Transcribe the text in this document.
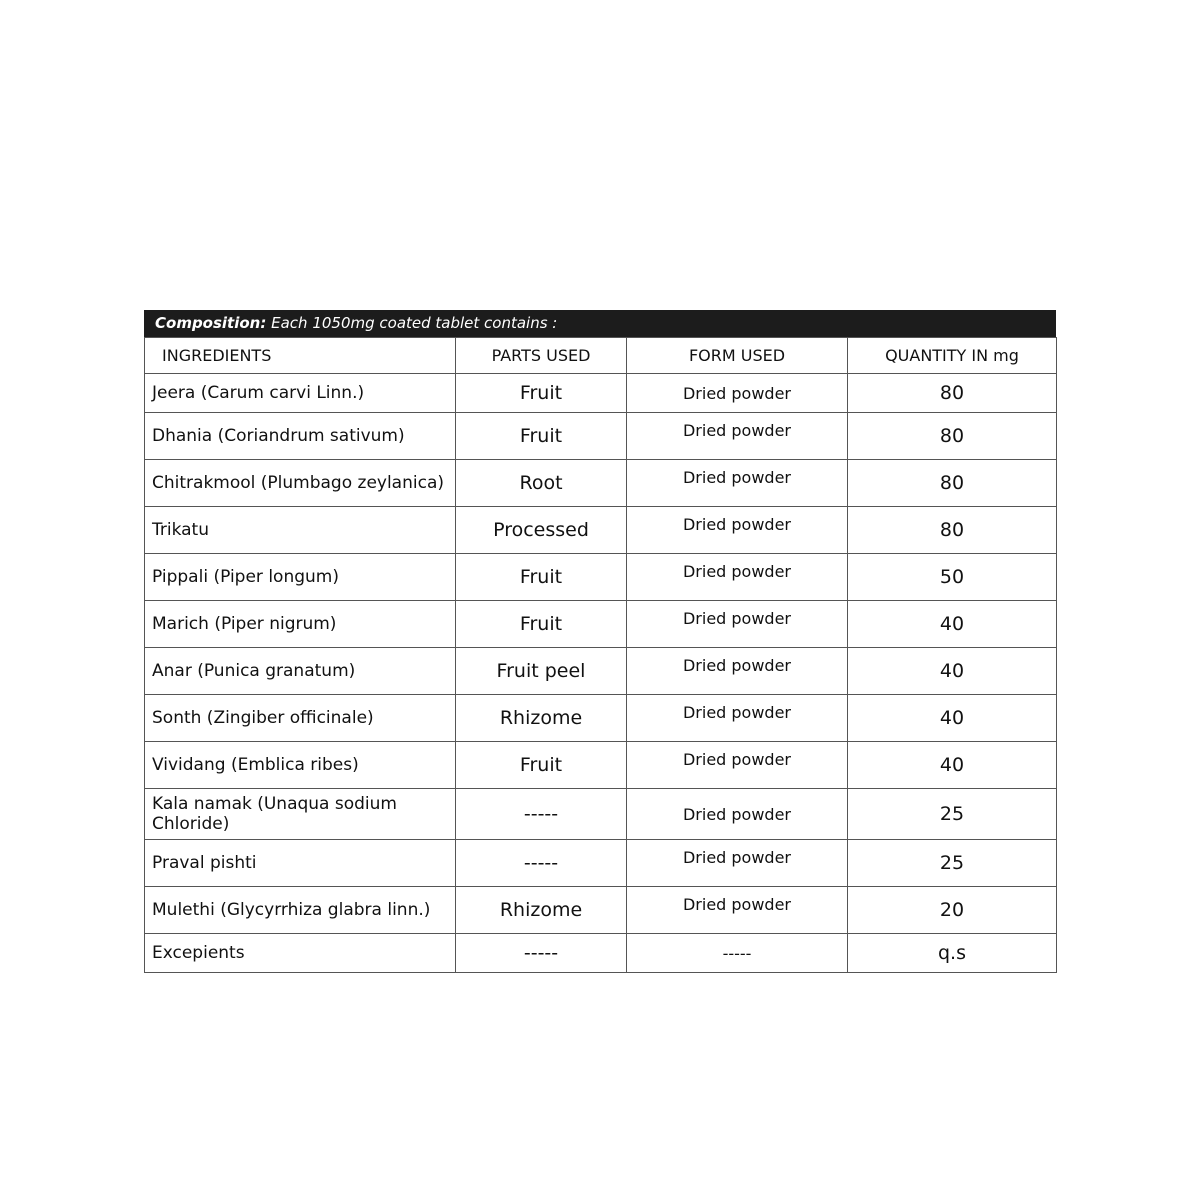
Composition: Each 1050mg coated tablet contains :
INGREDIENTS	PARTS USED	FORM USED	QUANTITY IN mg
Jeera (Carum carvi Linn.)	Fruit	Dried powder	80
Dhania (Coriandrum sativum)	Fruit	Dried powder	80
Chitrakmool (Plumbago zeylanica)	Root	Dried powder	80
Trikatu	Processed	Dried powder	80
Pippali (Piper longum)	Fruit	Dried powder	50
Marich (Piper nigrum)	Fruit	Dried powder	40
Anar (Punica granatum)	Fruit peel	Dried powder	40
Sonth (Zingiber officinale)	Rhizome	Dried powder	40
Vividang (Emblica ribes)	Fruit	Dried powder	40
Kala namak (Unaqua sodium Chloride)	-----	Dried powder	25
Praval pishti	-----	Dried powder	25
Mulethi (Glycyrrhiza glabra linn.)	Rhizome	Dried powder	20
Excepients	-----	-----	q.s
